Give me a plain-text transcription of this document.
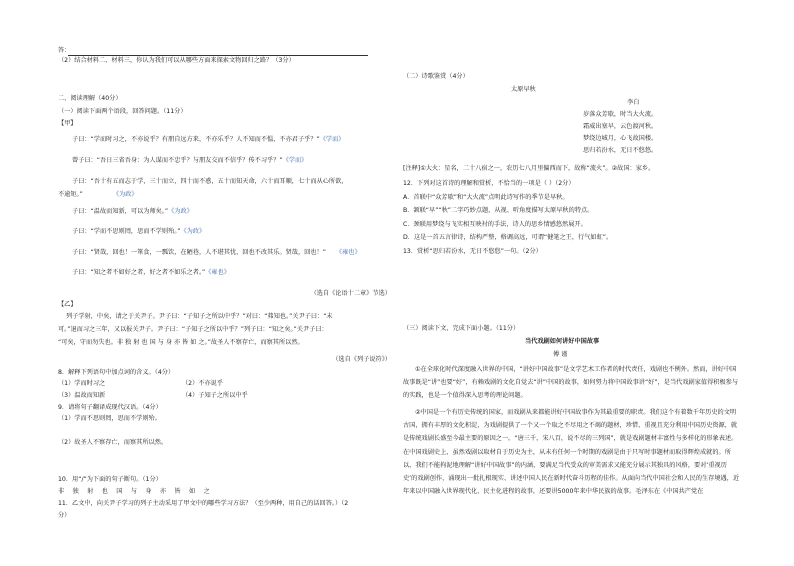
答：
（2）结合材料二、材料三，你认为我们可以从哪些方面来探索文物回归之路？（3分）
二、阅读理解（40分）
（一）阅读下面两个语段，回答问题。（11分）
【甲】
子曰：“学而时习之，不亦说乎？有朋自远方来，不亦乐乎？人不知而不愠，不亦君子乎？”《学而》
曾子曰：“吾日三省吾身：为人谋而不忠乎？与朋友交而不信乎？传不习乎？”《学而》
子曰：“吾十有五而志于学，三十而立，四十而不惑，五十而知天命，六十而耳顺，七十而从心所欲，
不逾矩。”	《为政》
子曰：“温故而知新，可以为师矣。”《为政》
子曰：“学而不思则罔，思而不学则殆。”《为政》
子曰：“贤哉，回也！一箪食，一瓢饮，在陋巷，人不堪其忧，回也不改其乐。贤哉，回也！” 《雍也》
子曰：“知之者不如好之者，好之者不如乐之者。”《雍也》
（选自《论语十二章》节选）
【乙】
列子学射，中矣，请之于关尹子。尹子曰：“子知子之所以中乎？”对曰：“弗知也。”关尹子曰：“未
可。”退而习之三年，又以报关尹子。尹子曰：“子知子之所以中乎？”列子曰：“知之矣。”关尹子曰：
“可矣，守而勿失也。非 独 射 也 国 与 身 亦 皆 如 之。”故圣人不察存亡，而察其所以然。
（选自《列子说符》）
8．解释下列语句中加点词的含义。（4分）
（1）学而时习之	（2）不亦说乎
（3）温故而知新	（4）子知子之所以中乎
9．请将句子翻译成现代汉语。（4分）
（1）学而不思则罔，思而不学则殆。
（2）故圣人不察存亡，而察其所以然。
10．用“/”为下面的句子断句。（1分）
非 独 射 也 国 与 身 亦 皆 如 之
11．乙文中，向关尹子学习的列子主动采用了甲文中的哪些学习方法？（至少两种，用自己的话回答。）（2
分）
（二）诗歌鉴赏（4分）
太原早秋
李白
岁落众芳歇，时当大火流。
霜威出塞早，云色渡河秋。
梦绕边城月，心飞故国楼。
思归若汾水，无日不悠悠。
[注释]①大火：星名，二十八宿之一，农历七八月里偏西而下，故称“流火”。②故国：家乡。
12．下列对这首诗的理解和赏析，不恰当的一项是（ ）（2分）
A．首联中“众芳歇”和“大火流”点明此诗写作的季节是早秋。
B．颔联“早”“秋”二字巧妙点题，从视、听角度描写太原早秋的特点。
C．颈联用梦绕与飞实相互映衬的手法，诗人的思乡情感悠然展开。
D．这是一首五言律诗，结构严整，格调高远，可谓“健笔之王，行气如虹”。
13．赏析“思归若汾水，无日不悠悠”一句。（2分）
（三）阅读下文，完成下面小题。（11分）
当代戏剧如何讲好中国故事
傅 谨
①在全球化时代深度融入世界的中国，“讲好中国故事”是文学艺术工作者的时代责任，戏剧也不例外。然而，讲好中国故事既是“讲”也要“好”，有赖戏剧的文化自觉去“讲”中国的故事，如何努力将中国故事讲“好”，是当代戏剧家值得积极参与的实践，也是一个值得深入思考的理论问题。
②中国是一个有历史传统的国家，而戏剧从来都能讲好中国故事作为其最重要的职责。我们这个有着数千年历史的文明古国，拥有丰厚的文化积淀，为戏剧提供了一个又一个取之不尽用之不竭的题材，珍惜、重视且充分利用中国历史资源，就是传统戏剧长盛至今最主要的原因之一。“唐三千，宋八百，说不尽的三列国”，就是戏剧题材丰富性与多样化的形象表述。在中国戏剧史上，虽然戏剧以取材自于历史为主，从未有任何一个时期的戏剧是由于只写时事题材而取得辉煌成就的。所以，我们不能拘泥地理解“讲好中国故事”的内涵，要满足当代受众的审美需求又能充分展示其独具的风格，要对‘重视历史’的戏剧创作，涌现出一批扎根现实、讲述中国人民在新时代奋斗历程的佳作。从面向当代中国社会和人民的生存境遇，近年来以中国融入世界现代化、民主化进程的故事，还要讲5000年来中华民族的故事。毛泽东在《中国共产党在
